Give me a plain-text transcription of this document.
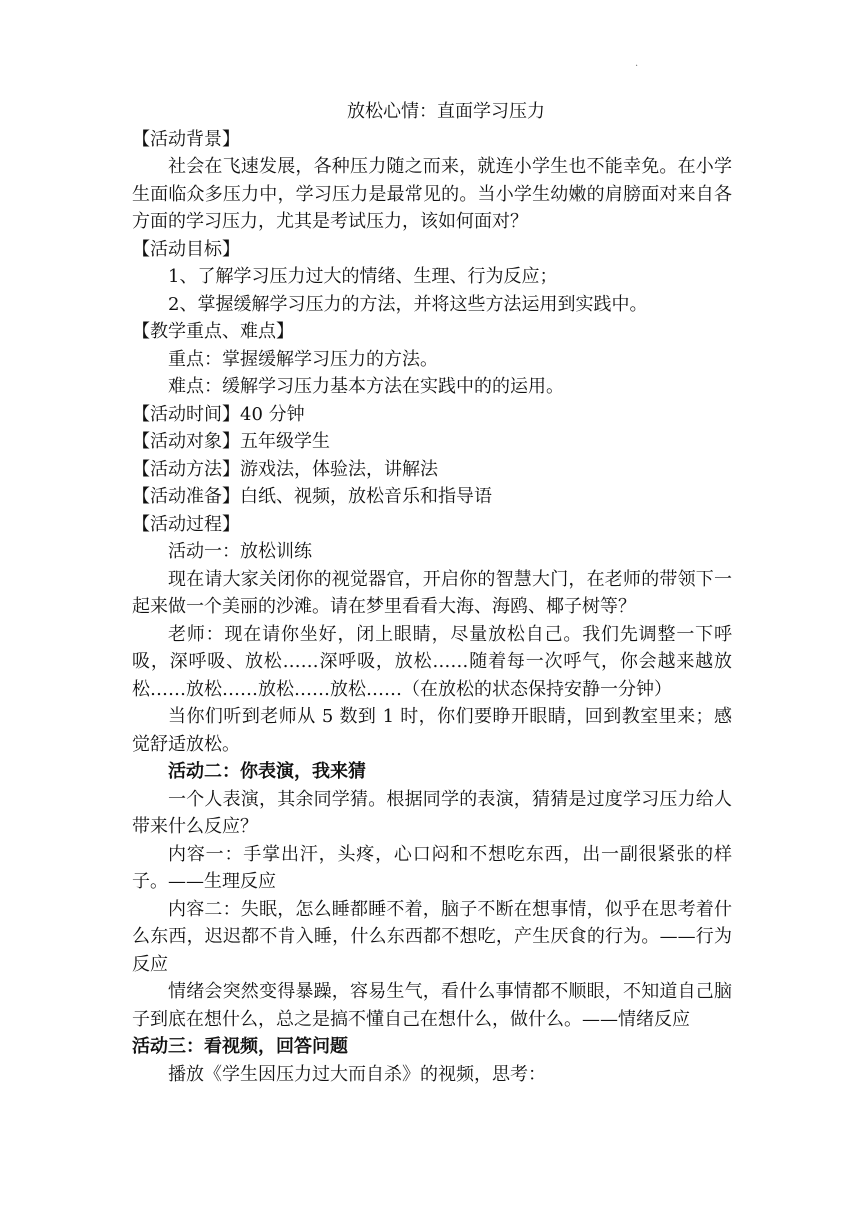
.

放松心情：直面学习压力

【活动背景】

社会在飞速发展，各种压力随之而来，就连小学生也不能幸免。在小学生面临众多压力中，学习压力是最常见的。当小学生幼嫩的肩膀面对来自各方面的学习压力，尤其是考试压力，该如何面对？

【活动目标】

1、了解学习压力过大的情绪、生理、行为反应；

2、掌握缓解学习压力的方法，并将这些方法运用到实践中。

【教学重点、难点】

重点：掌握缓解学习压力的方法。

难点：缓解学习压力基本方法在实践中的的运用。

【活动时间】40 分钟

【活动对象】五年级学生

【活动方法】游戏法，体验法，讲解法

【活动准备】白纸、视频，放松音乐和指导语

【活动过程】

活动一：放松训练

现在请大家关闭你的视觉器官，开启你的智慧大门，在老师的带领下一起来做一个美丽的沙滩。请在梦里看看大海、海鸥、椰子树等？

老师：现在请你坐好，闭上眼睛，尽量放松自己。我们先调整一下呼吸，深呼吸、放松……深呼吸，放松……随着每一次呼气，你会越来越放松……放松……放松……放松……（在放松的状态保持安静一分钟）

当你们听到老师从 5 数到 1 时，你们要睁开眼睛，回到教室里来；感觉舒适放松。

活动二：你表演，我来猜

一个人表演，其余同学猜。根据同学的表演，猜猜是过度学习压力给人带来什么反应？

内容一：手掌出汗，头疼，心口闷和不想吃东西，出一副很紧张的样子。——生理反应

内容二：失眠，怎么睡都睡不着，脑子不断在想事情，似乎在思考着什么东西，迟迟都不肯入睡，什么东西都不想吃，产生厌食的行为。——行为反应

情绪会突然变得暴躁，容易生气，看什么事情都不顺眼，不知道自己脑子到底在想什么，总之是搞不懂自己在想什么，做什么。——情绪反应

活动三：看视频，回答问题

播放《学生因压力过大而自杀》的视频，思考：
